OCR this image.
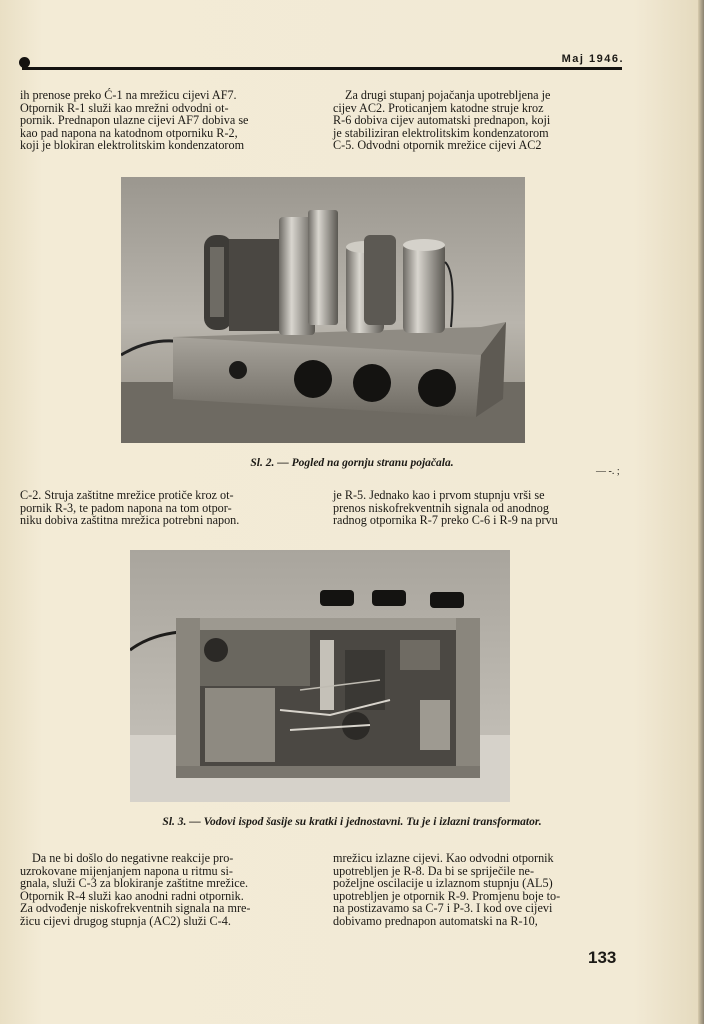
Maj 1946.

ih prenose preko Ć-1 na mrežicu cijevi AF7.

Otpornik R-1 služi kao mrežni odvodni ot-

pornik. Prednapon ulazne cijevi AF7 dobiva se

kao pad napona na katodnom otporniku R-2,

koji je blokiran elektrolitskim kondenzatorom

Za drugi stupanj pojačanja upotrebljena je

cijev AC2. Proticanjem katodne struje kroz

R-6 dobiva cijev automatski prednapon, koji

je stabiliziran elektrolitskim kondenzatorom

C-5. Odvodni otpornik mrežice cijevi AC2

Sl. 2. — Pogled na gornju stranu pojačala.
— -. ;

C-2. Struja zaštitne mrežice protiče kroz ot-

pornik R-3, te padom napona na tom otpor-

niku dobiva zaštitna mrežica potrebni napon.

je R-5. Jednako kao i prvom stupnju vrši se

prenos niskofrekventnih signala od anodnog

radnog otpornika R-7 preko C-6 i R-9 na prvu

Sl. 3. — Vodovi ispod šasije su kratki i jednostavni. Tu je i izlazni transformator.

Da ne bi došlo do negativne reakcije pro-

uzrokovane mijenjanjem napona u ritmu si-

gnala, služi C-3 za blokiranje zaštitne mrežice.

Otpornik R-4 služi kao anodni radni otpornik.

Za odvođenje niskofrekventnih signala na mre-

žicu cijevi drugog stupnja (AC2) služi C-4.

mrežicu izlazne cijevi. Kao odvodni otpornik

upotrebljen je R-8. Da bi se spriječile ne-

poželjne oscilacije u izlaznom stupnju (AL5)

upotrebljen je otpornik R-9. Promjenu boje to-

na postizavamo sa C-7 i P-3. I kod ove cijevi

dobivamo prednapon automatski na R-10,

133
